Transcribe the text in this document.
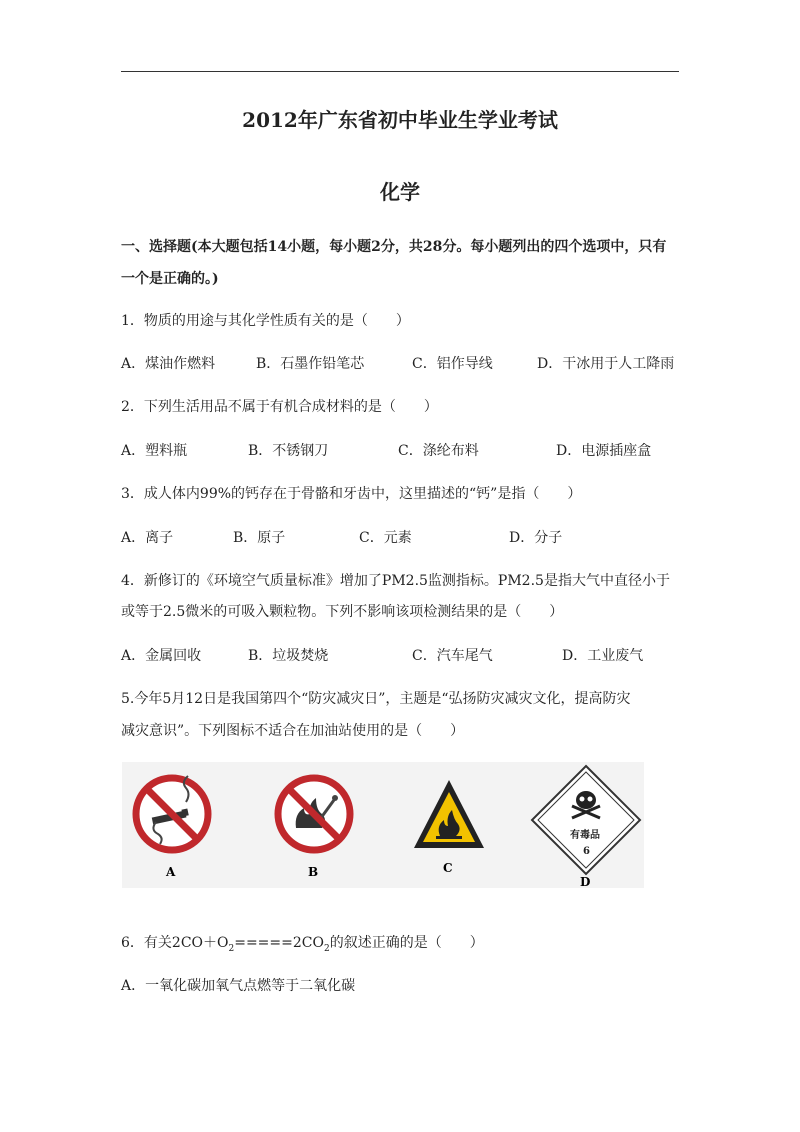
2012年广东省初中毕业生学业考试
化学
一、选择题(本大题包括14小题，每小题2分，共28分。每小题列出的四个选项中，只有
一个是正确的。)
1．物质的用途与其化学性质有关的是（　　）
A．煤油作燃料	B．石墨作铅笔芯	C．铝作导线	D．干冰用于人工降雨
2．下列生活用品不属于有机合成材料的是（　　）
A．塑料瓶	B．不锈钢刀	C．涤纶布料	D．电源插座盒
3．成人体内99%的钙存在于骨骼和牙齿中，这里描述的“钙”是指（　　）
A．离子	B．原子	C．元素	D．分子
4．新修订的《环境空气质量标准》增加了PM2.5监测指标。PM2.5是指大气中直径小于
或等于2.5微米的可吸入颗粒物。下列不影响该项检测结果的是（　　）
A．金属回收	B．垃圾焚烧	C．汽车尾气	D．工业废气
5.今年5月12日是我国第四个“防灾减灾日”，主题是“弘扬防灾减灾文化，提高防灾
减灾意识”。下列图标不适合在加油站使用的是（　　）
A	B	C
有毒品
6
D
6．有关$2CO+O_2=====2CO_2$的叙述正确的是（　　）
A．一氧化碳加氧气点燃等于二氧化碳
